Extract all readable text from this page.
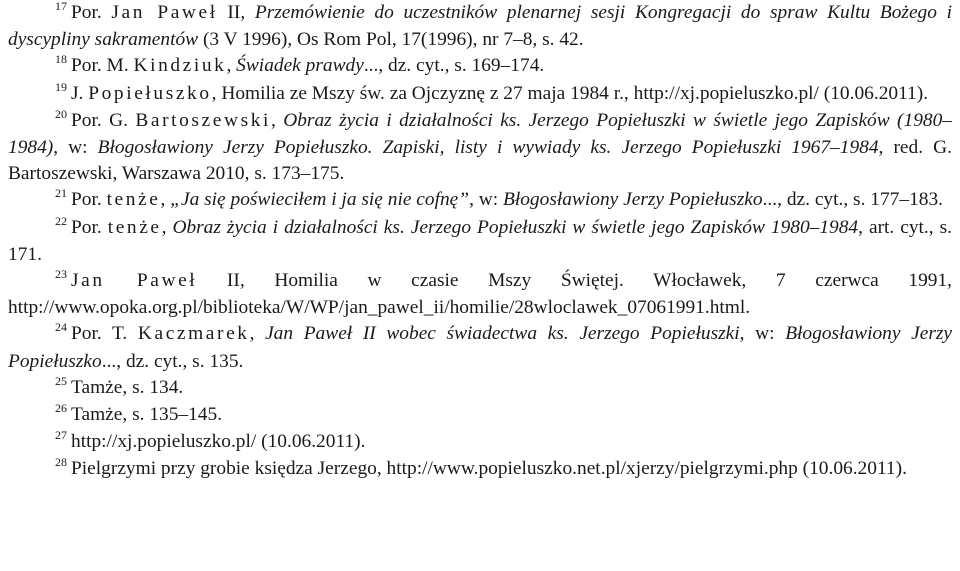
$^{17}$ Por. Jan Paweł II, Przemówienie do uczestników plenarnej sesji Kongregacji do spraw Kultu Bożego i dyscypliny sakramentów (3 V 1996), Os Rom Pol, 17(1996), nr 7–8, s. 42.

$^{18}$ Por. M. Kindziuk, Świadek prawdy..., dz. cyt., s. 169–174.

$^{19}$ J. Popiełuszko, Homilia ze Mszy św. za Ojczyznę z 27 maja 1984 r., http://xj.popieluszko.pl/ (10.06.2011).

$^{20}$ Por. G. Bartoszewski, Obraz życia i działalności ks. Jerzego Popiełuszki w świetle jego Zapisków (1980–1984), w: Błogosławiony Jerzy Popiełuszko. Zapiski, listy i wywiady ks. Jerzego Popiełuszki 1967–1984, red. G. Bartoszewski, Warszawa 2010, s. 173–175.

$^{21}$ Por. tenże, „Ja się poświeciłem i ja się nie cofnę”, w: Błogosławiony Jerzy Popiełuszko..., dz. cyt., s. 177–183.

$^{22}$ Por. tenże, Obraz życia i działalności ks. Jerzego Popiełuszki w świetle jego Zapisków 1980–1984, art. cyt., s. 171.

$^{23}$ Jan Paweł II, Homilia w czasie Mszy Świętej. Włocławek, 7 czerwca 1991, http://www.opoka.org.pl/biblioteka/W/WP/jan_pawel_ii/homilie/28wloclawek_07061991.html.

$^{24}$ Por. T. Kaczmarek, Jan Paweł II wobec świadectwa ks. Jerzego Popiełuszki, w: Błogosławiony Jerzy Popiełuszko..., dz. cyt., s. 135.

$^{25}$ Tamże, s. 134.

$^{26}$ Tamże, s. 135–145.

$^{27}$ http://xj.popieluszko.pl/ (10.06.2011).

$^{28}$ Pielgrzymi przy grobie księdza Jerzego, http://www.popieluszko.net.pl/xjerzy/pielgrzymi.php (10.06.2011).
